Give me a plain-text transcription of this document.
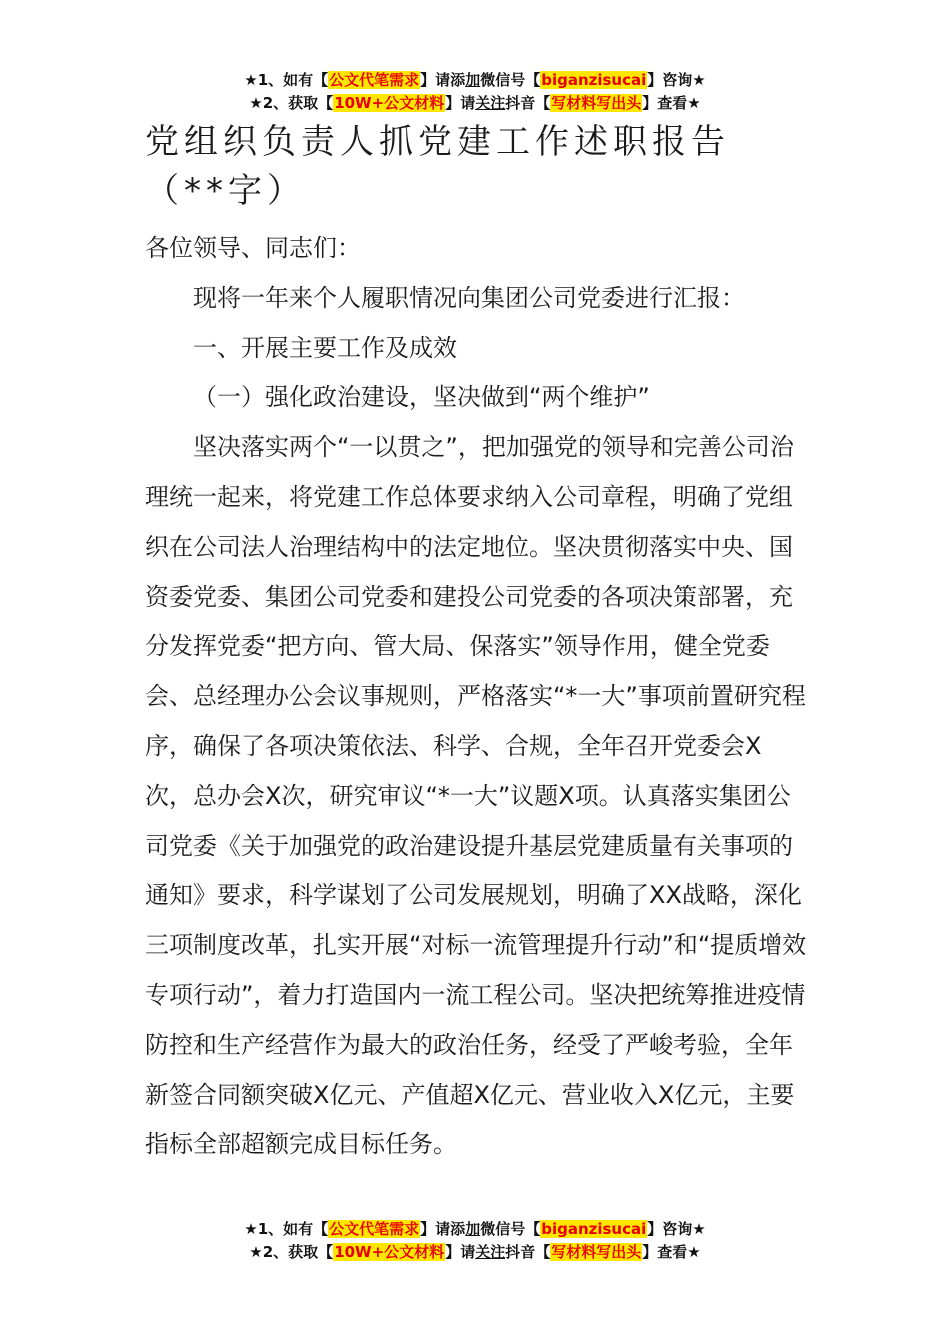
★1、如有【公文代笔需求】请添加微信号【biganzisucai】咨询★
★2、获取【10W+公文材料】请关注抖音【写材料写出头】查看★
党组织负责人抓党建工作述职报告（**字）

各位领导、同志们：

现将一年来个人履职情况向集团公司党委进行汇报：

一、开展主要工作及成效

（一）强化政治建设，坚决做到“两个维护”

坚决落实两个“一以贯之”，把加强党的领导和完善公司治理统一起来，将党建工作总体要求纳入公司章程，明确了党组织在公司法人治理结构中的法定地位。坚决贯彻落实中央、国资委党委、集团公司党委和建投公司党委的各项决策部署，充分发挥党委“把方向、管大局、保落实”领导作用，健全党委会、总经理办公会议事规则，严格落实“*一大”事项前置研究程序，确保了各项决策依法、科学、合规，全年召开党委会X次，总办会X次，研究审议“*一大”议题X项。认真落实集团公司党委《关于加强党的政治建设提升基层党建质量有关事项的通知》要求，科学谋划了公司发展规划，明确了XX战略，深化三项制度改革，扎实开展“对标一流管理提升行动”和“提质增效专项行动”，着力打造国内一流工程公司。坚决把统筹推进疫情防控和生产经营作为最大的政治任务，经受了严峻考验，全年新签合同额突破X亿元、产值超X亿元、营业收入X亿元，主要指标全部超额完成目标任务。

★1、如有【公文代笔需求】请添加微信号【biganzisucai】咨询★
★2、获取【10W+公文材料】请关注抖音【写材料写出头】查看★
